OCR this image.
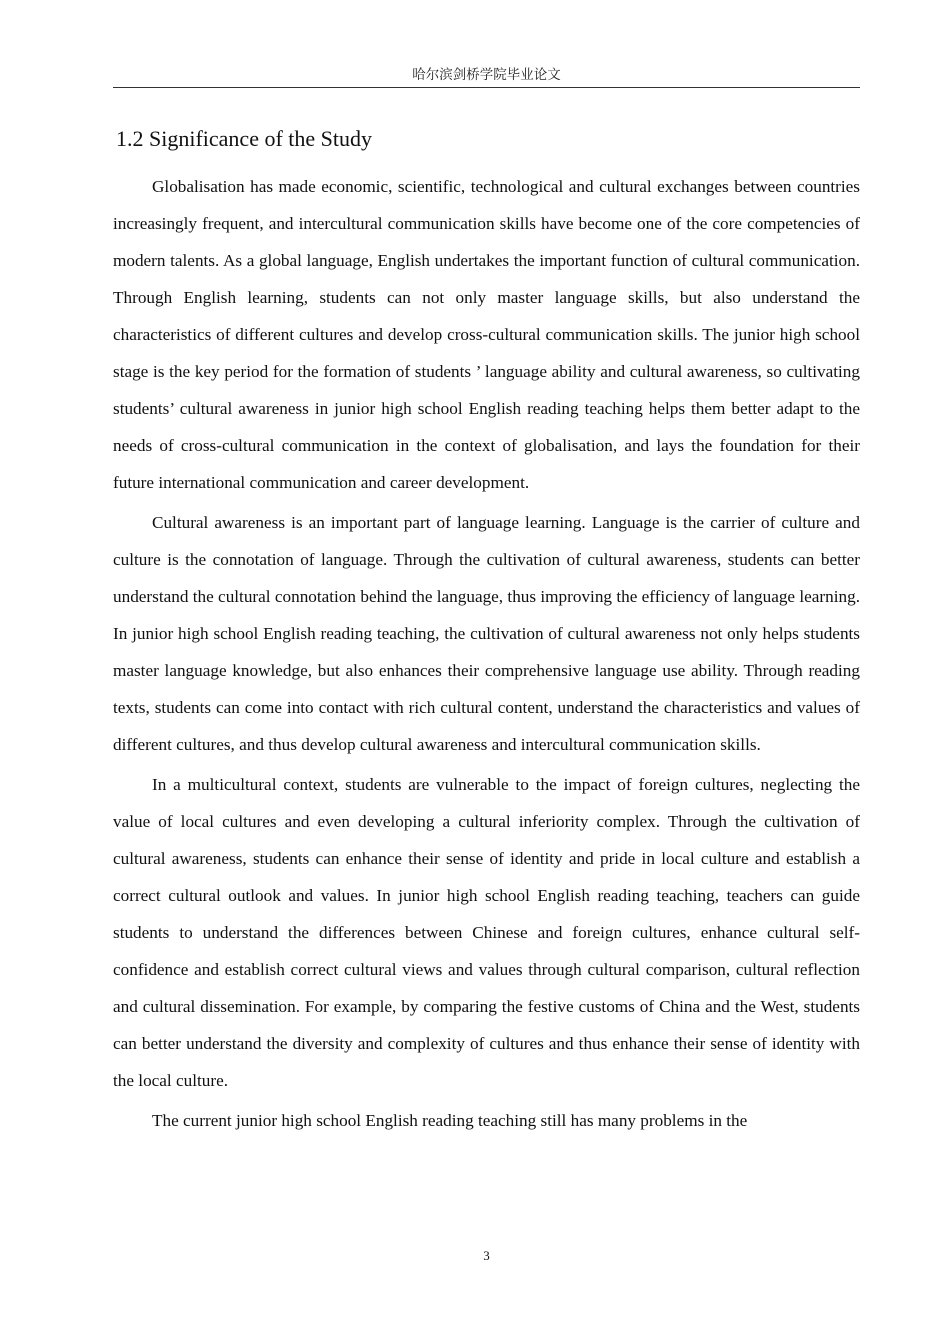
哈尔滨剑桥学院毕业论文
1.2 Significance of the Study

Globalisation has made economic, scientific, technological and cultural exchanges between countries increasingly frequent, and intercultural communication skills have become one of the core competencies of modern talents. As a global language, English undertakes the important function of cultural communication. Through English learning, students can not only master language skills, but also understand the characteristics of different cultures and develop cross-cultural communication skills. The junior high school stage is the key period for the formation of students ’ language ability and cultural awareness, so cultivating students’ cultural awareness in junior high school English reading teaching helps them better adapt to the needs of cross-cultural communication in the context of globalisation, and lays the foundation for their future international communication and career development.

Cultural awareness is an important part of language learning. Language is the carrier of culture and culture is the connotation of language. Through the cultivation of cultural awareness, students can better understand the cultural connotation behind the language, thus improving the efficiency of language learning. In junior high school English reading teaching, the cultivation of cultural awareness not only helps students master language knowledge, but also enhances their comprehensive language use ability. Through reading texts, students can come into contact with rich cultural content, understand the characteristics and values of different cultures, and thus develop cultural awareness and intercultural communication skills.

In a multicultural context, students are vulnerable to the impact of foreign cultures, neglecting the value of local cultures and even developing a cultural inferiority complex. Through the cultivation of cultural awareness, students can enhance their sense of identity and pride in local culture and establish a correct cultural outlook and values. In junior high school English reading teaching, teachers can guide students to understand the differences between Chinese and foreign cultures, enhance cultural self-confidence and establish correct cultural views and values through cultural comparison, cultural reflection and cultural dissemination. For example, by comparing the festive customs of China and the West, students can better understand the diversity and complexity of cultures and thus enhance their sense of identity with the local culture.

The current junior high school English reading teaching still has many problems in the

3
